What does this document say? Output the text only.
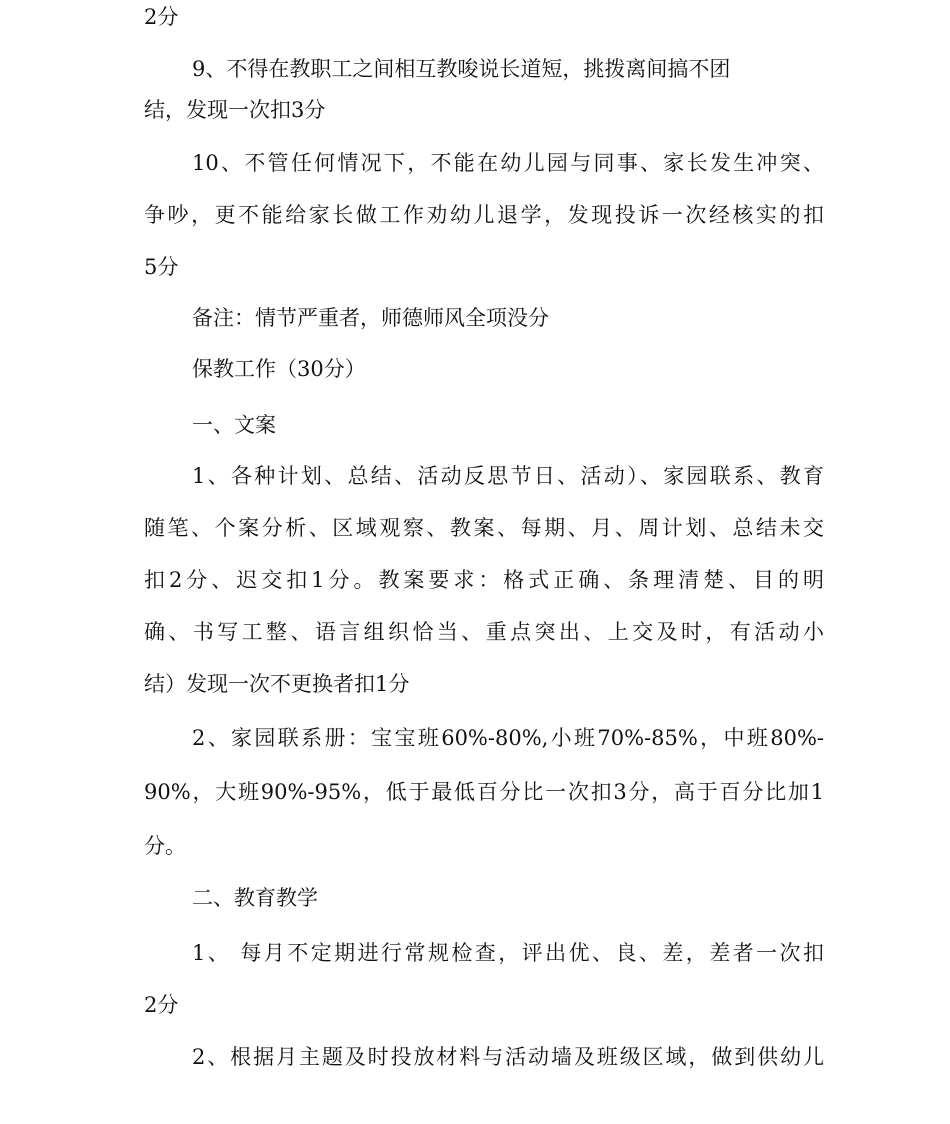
2分
9、不得在教职工之间相互教唆说长道短，挑拨离间搞不团
结，发现一次扣3分
10、不管任何情况下，不能在幼儿园与同事、家长发生冲突、
争吵，更不能给家长做工作劝幼儿退学，发现投诉一次经核实的扣
5分
备注：情节严重者，师德师风全项没分
保教工作（30分）
一、文案
1、各种计划、总结、活动反思节日、活动）、家园联系、教育
随笔、个案分析、区域观察、教案、每期、月、周计划、总结未交
扣2分、迟交扣1分。教案要求：格式正确、条理清楚、目的明
确、书写工整、语言组织恰当、重点突出、上交及时，有活动小
结）发现一次不更换者扣1分
2、家园联系册：宝宝班60%-80%,小班70%-85%，中班80%-
90%，大班90%-95%，低于最低百分比一次扣3分，高于百分比加1
分。
二、教育教学
1、 每月不定期进行常规检查，评出优、良、差，差者一次扣
2分
2、根据月主题及时投放材料与活动墙及班级区域，做到供幼儿
